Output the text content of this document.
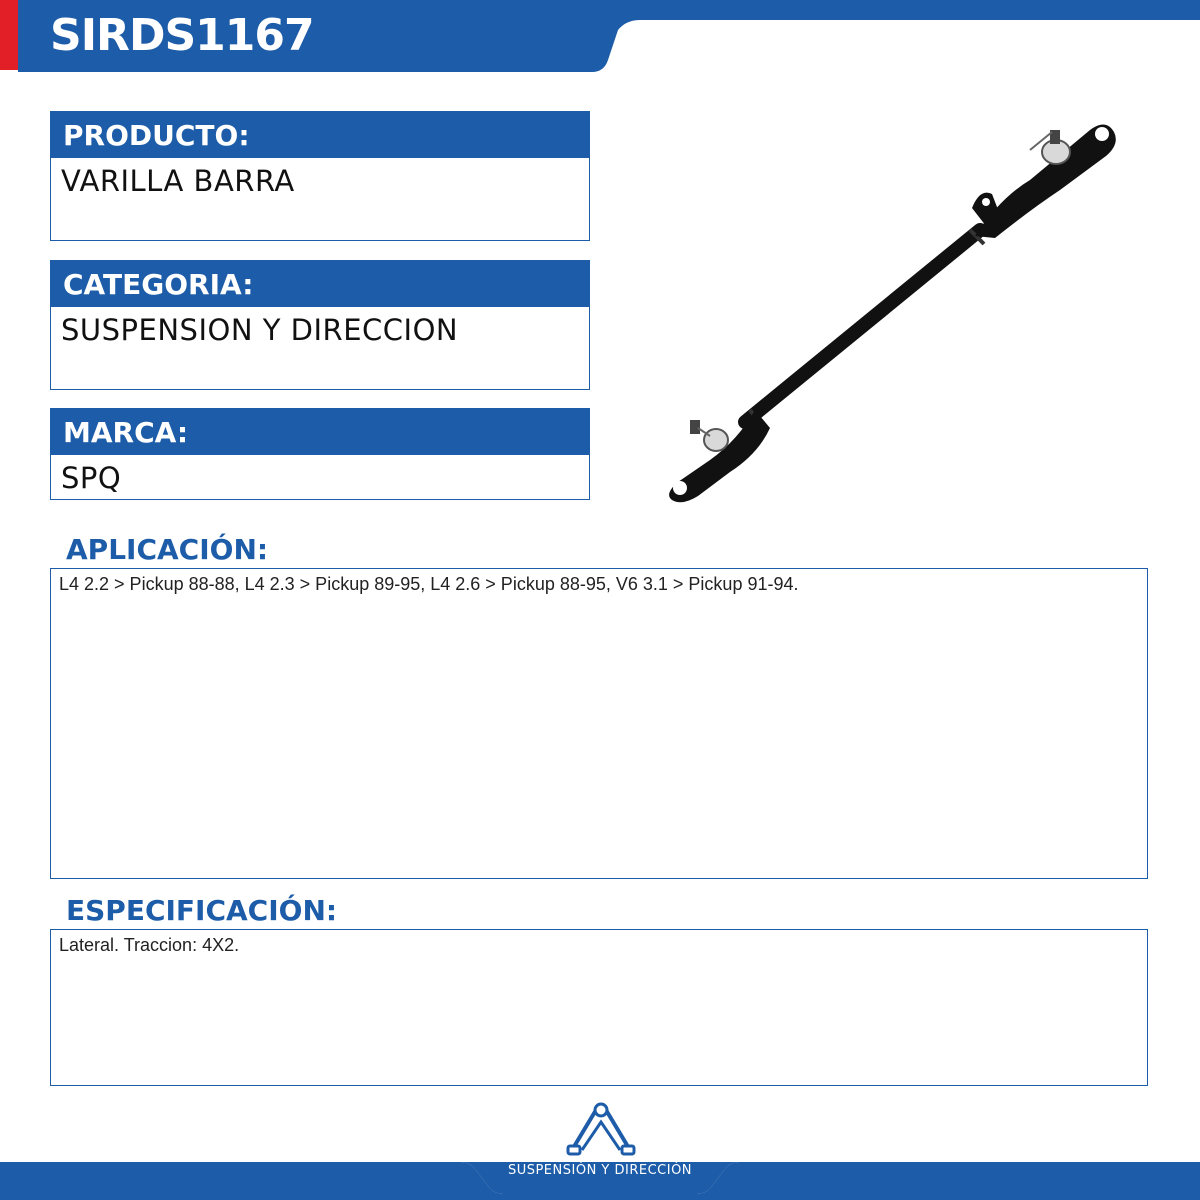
SIRDS1167
PRODUCTO:
VARILLA BARRA
CATEGORIA:
SUSPENSION Y DIRECCION
MARCA:
SPQ
APLICACIÓN:
L4 2.2 > Pickup 88-88, L4 2.3 > Pickup 89-95, L4 2.6 > Pickup 88-95, V6 3.1 > Pickup 91-94.
ESPECIFICACIÓN:
Lateral. Traccion: 4X2.
SUSPENSIÓN Y DIRECCIÓN
